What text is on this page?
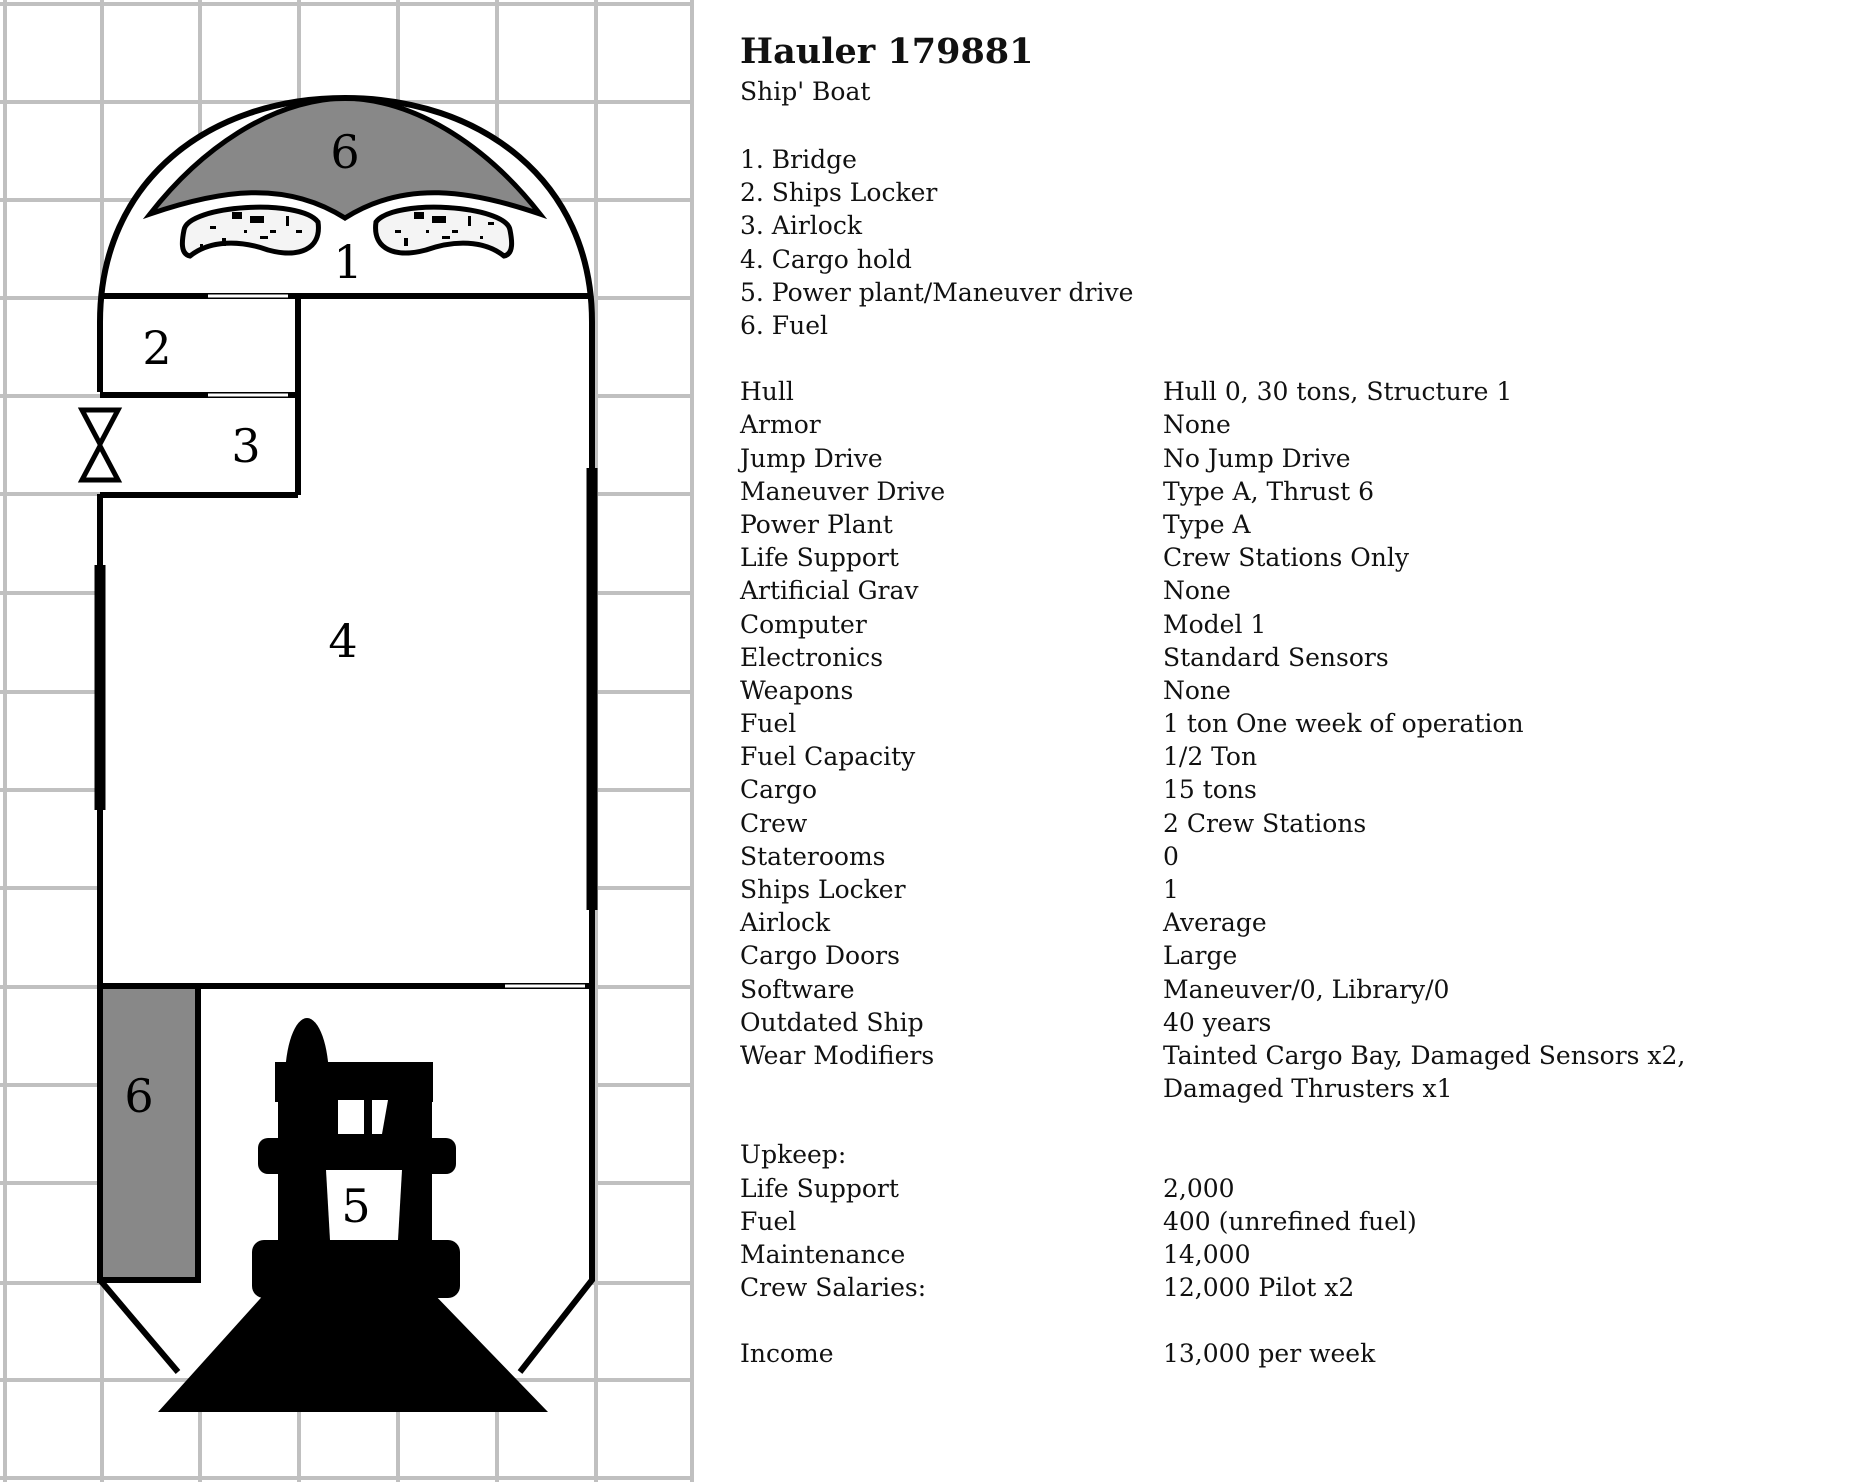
6
1
2
3
4
6
5
Hauler 179881
Ship' Boat
1. Bridge
2. Ships Locker
3. Airlock
4. Cargo hold
5. Power plant/Maneuver drive
6. Fuel
Hull	Hull 0, 30 tons, Structure 1
Armor	None
Jump Drive	No Jump Drive
Maneuver Drive	Type A, Thrust 6
Power Plant	Type A
Life Support	Crew Stations Only
Artificial Grav	None
Computer	Model 1
Electronics	Standard Sensors
Weapons	None
Fuel	1 ton One week of operation
Fuel Capacity	1/2 Ton
Cargo	15 tons
Crew	2 Crew Stations
Staterooms	0
Ships Locker	1
Airlock	Average
Cargo Doors	Large
Software	Maneuver/0, Library/0
Outdated Ship	40 years
Wear Modifiers	Tainted Cargo Bay, Damaged Sensors x2,
Damaged Thrusters x1
Upkeep:
Life Support	2,000
Fuel	400 (unrefined fuel)
Maintenance	14,000
Crew Salaries:	12,000 Pilot x2
Income	13,000 per week
